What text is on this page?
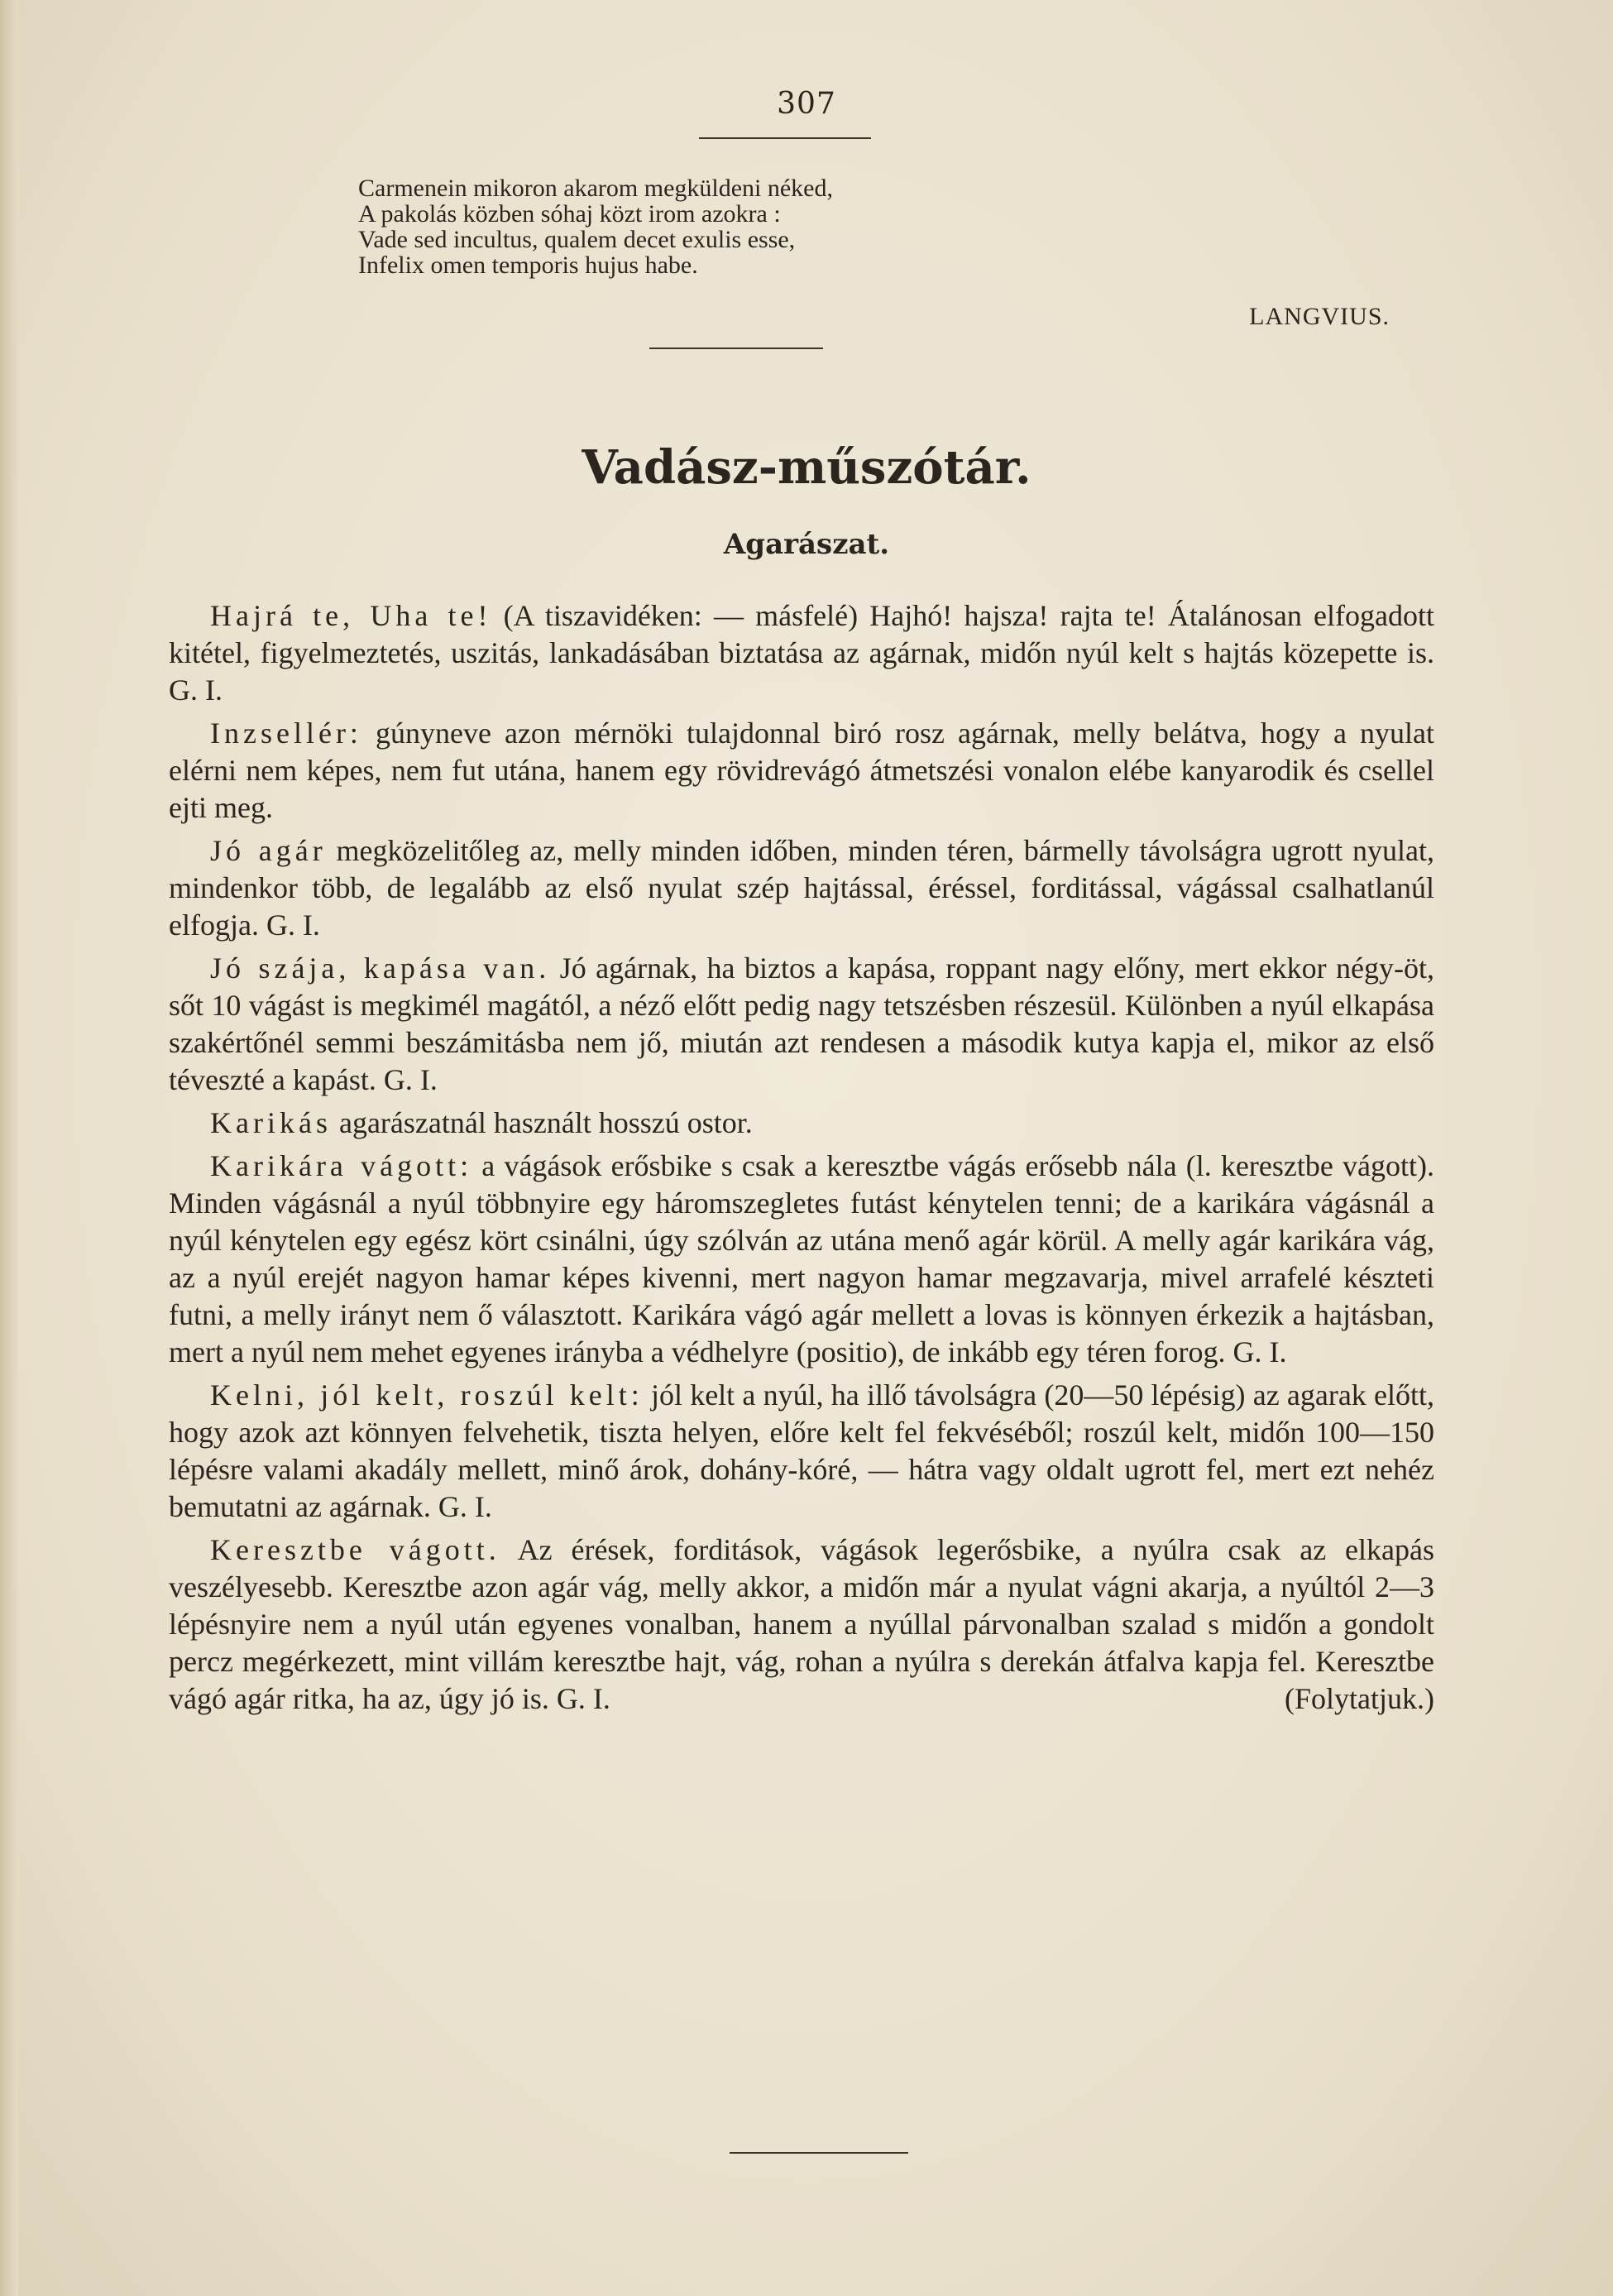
307
Carmenein mikoron akarom megküldeni néked,
A pakolás közben sóhaj közt irom azokra :
Vade sed incultus, qualem decet exulis esse,
Infelix omen temporis hujus habe.
LANGVIUS.
Vadász-műszótár.
Agarászat.

Hajrá te, Uha te! (A tiszavidéken: — másfelé) Hajhó! hajsza! rajta te! Átalánosan elfogadott kitétel, figyelmeztetés, uszitás, lankadásában biztatása az agárnak, midőn nyúl kelt s hajtás közepette is. G. I.

Inzsellér: gúnyneve azon mérnöki tulajdonnal biró rosz agárnak, melly belátva, hogy a nyulat elérni nem képes, nem fut utána, hanem egy rövidrevágó átmetszési vonalon elébe kanyarodik és csellel ejti meg.

Jó agár megközelitőleg az, melly minden időben, minden téren, bármelly távolságra ugrott nyulat, mindenkor több, de legalább az első nyulat szép hajtással, éréssel, forditással, vágással csalhatlanúl elfogja. G. I.

Jó szája, kapása van. Jó agárnak, ha biztos a kapása, roppant nagy előny, mert ekkor négy-öt, sőt 10 vágást is megkimél magától, a néző előtt pedig nagy tetszésben részesül. Különben a nyúl elkapása szakértőnél semmi beszámitásba nem jő, miután azt rendesen a második kutya kapja el, mikor az első téveszté a kapást. G. I.

Karikás agarászatnál használt hosszú ostor.

Karikára vágott: a vágások erősbike s csak a keresztbe vágás erősebb nála (l. keresztbe vágott). Minden vágásnál a nyúl többnyire egy háromszegletes futást kénytelen tenni; de a karikára vágásnál a nyúl kénytelen egy egész kört csinálni, úgy szólván az utána menő agár körül. A melly agár karikára vág, az a nyúl erejét nagyon hamar képes kivenni, mert nagyon hamar megzavarja, mivel arrafelé készteti futni, a melly irányt nem ő választott. Karikára vágó agár mellett a lovas is könnyen érkezik a hajtásban, mert a nyúl nem mehet egyenes irányba a védhelyre (positio), de inkább egy téren forog. G. I.

Kelni, jól kelt, roszúl kelt: jól kelt a nyúl, ha illő távolságra (20—50 lépésig) az agarak előtt, hogy azok azt könnyen felvehetik, tiszta helyen, előre kelt fel fekvéséből; roszúl kelt, midőn 100—150 lépésre valami akadály mellett, minő árok, dohány-kóré, — hátra vagy oldalt ugrott fel, mert ezt nehéz bemutatni az agárnak. G. I.

Keresztbe vágott. Az érések, forditások, vágások legerősbike, a nyúlra csak az elkapás veszélyesebb. Keresztbe azon agár vág, melly akkor, a midőn már a nyulat vágni akarja, a nyúltól 2—3 lépésnyire nem a nyúl után egyenes vonalban, hanem a nyúllal párvonalban szalad s midőn a gondolt percz megérkezett, mint villám keresztbe hajt, vág, rohan a nyúlra s derekán átfalva kapja fel. Keresztbe vágó agár ritka, ha az, úgy jó is. G. I.	(Folytatjuk.)
